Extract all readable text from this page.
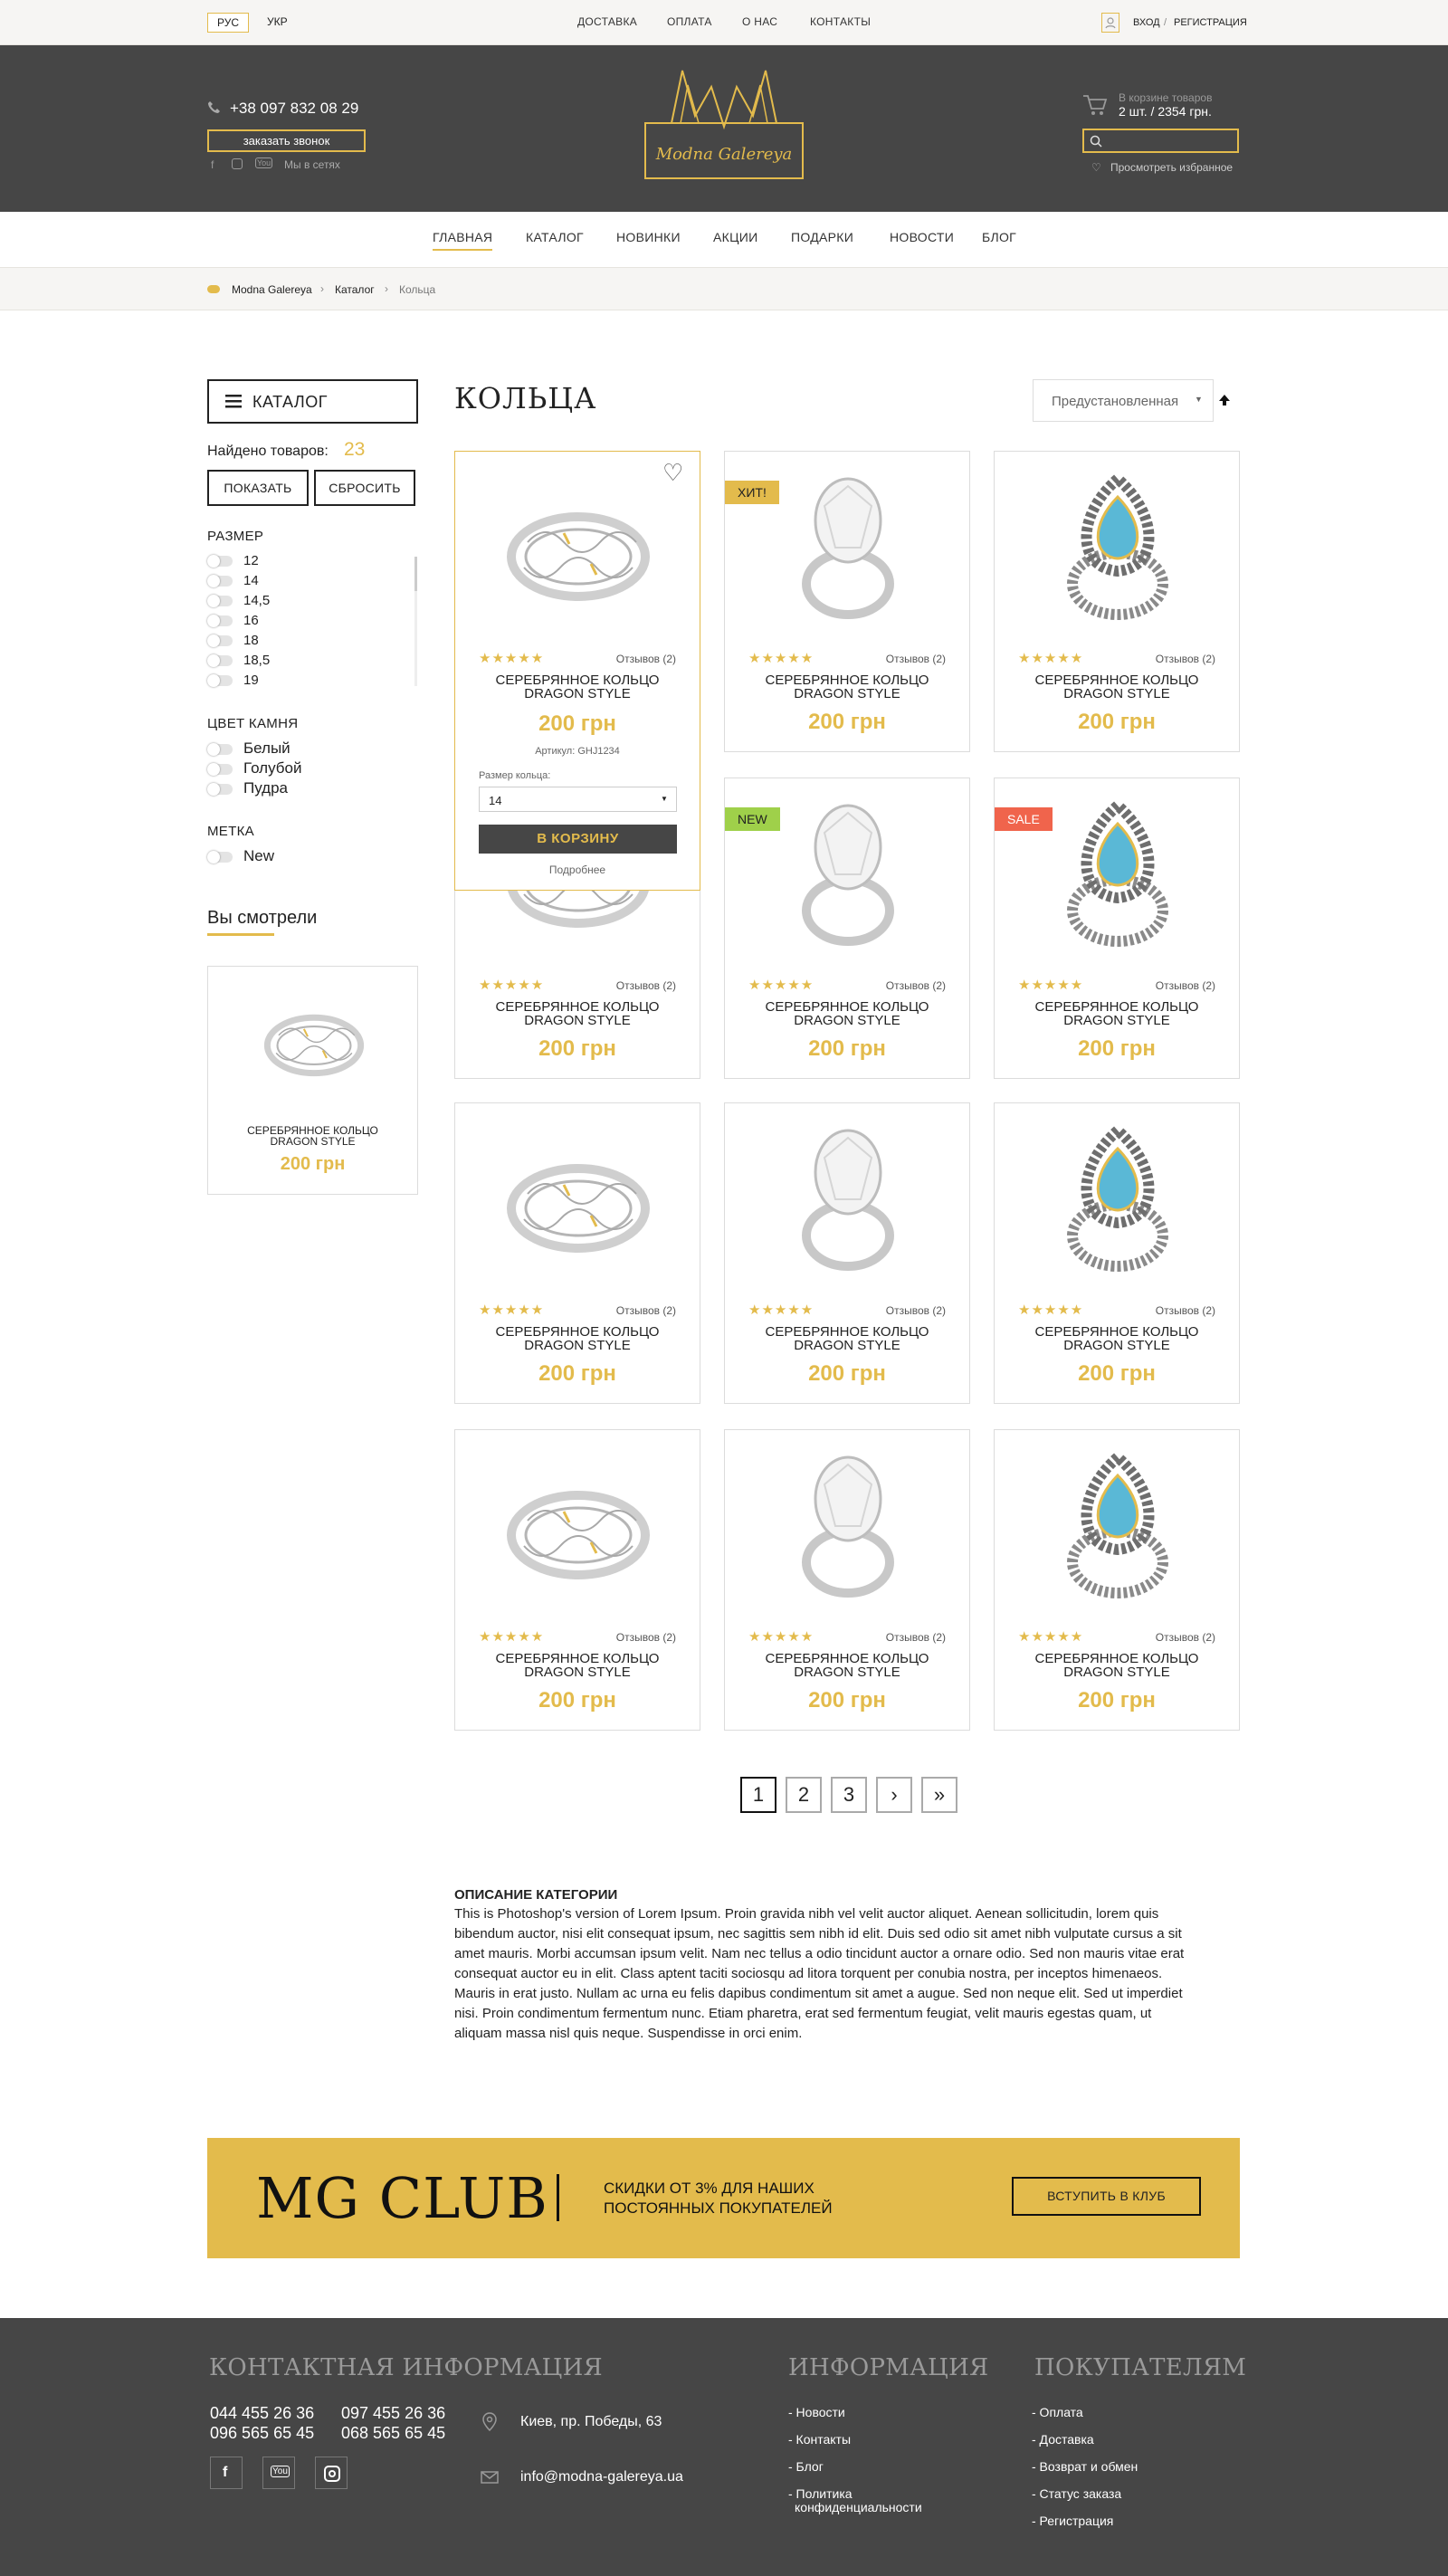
РУС	УКР	ДОСТАВКА	ОПЛАТА	О НАС	КОНТАКТЫ	ВХОД / РЕГИСТРАЦИЯ
+38 097 832 08 29
заказать звонок
f	You Мы в сетях
Modna Galereya
В корзине товаров
2 шт. / 2354 грн.
♡ Просмотреть избранное
ГЛАВНАЯ	КАТАЛОГ	НОВИНКИ	АКЦИИ	ПОДАРКИ	НОВОСТИ БЛОГ
Modna Galereya › Каталог › Кольца
КАТАЛОГ
Найдено товаров: 23
ПОКАЗАТЬ	СБРОСИТЬ
РАЗМЕР
12
14
14,5
16
18
18,5
19
ЦВЕТ КАМНЯ
Белый
Голубой
Пудра
МЕТКА
New
Вы смотрели
СЕРЕБРЯННОЕ КОЛЬЦО
DRAGON STYLE
200 грн
КОЛЬЦА	Предустановленная ▼
♡
★★★★★	Отзывов (2)
СЕРЕБРЯННОЕ КОЛЬЦО
DRAGON STYLE
200 грн
Артикул: GHJ1234
Размер кольца:
14	▼
В КОРЗИНУ
Подробнее
ХИТ!
★★★★★	Отзывов (2)
СЕРЕБРЯННОЕ КОЛЬЦО
DRAGON STYLE
200 грн
★★★★★	Отзывов (2)
СЕРЕБРЯННОЕ КОЛЬЦО
DRAGON STYLE
200 грн
★★★★★	Отзывов (2)
СЕРЕБРЯННОЕ КОЛЬЦО
DRAGON STYLE
200 грн
NEW
★★★★★	Отзывов (2)
СЕРЕБРЯННОЕ КОЛЬЦО
DRAGON STYLE
200 грн
SALE
★★★★★	Отзывов (2)
СЕРЕБРЯННОЕ КОЛЬЦО
DRAGON STYLE
200 грн
★★★★★	Отзывов (2)
СЕРЕБРЯННОЕ КОЛЬЦО
DRAGON STYLE
200 грн
★★★★★	Отзывов (2)
СЕРЕБРЯННОЕ КОЛЬЦО
DRAGON STYLE
200 грн
★★★★★	Отзывов (2)
СЕРЕБРЯННОЕ КОЛЬЦО
DRAGON STYLE
200 грн
★★★★★	Отзывов (2)
СЕРЕБРЯННОЕ КОЛЬЦО
DRAGON STYLE
200 грн
★★★★★	Отзывов (2)
СЕРЕБРЯННОЕ КОЛЬЦО
DRAGON STYLE
200 грн
★★★★★	Отзывов (2)
СЕРЕБРЯННОЕ КОЛЬЦО
DRAGON STYLE
200 грн
1	2	3	›	»
ОПИСАНИЕ КАТЕГОРИИ
This is Photoshop's version of Lorem Ipsum. Proin gravida nibh vel velit auctor aliquet. Aenean sollicitudin, lorem quis
bibendum auctor, nisi elit consequat ipsum, nec sagittis sem nibh id elit. Duis sed odio sit amet nibh vulputate cursus a sit
amet mauris. Morbi accumsan ipsum velit. Nam nec tellus a odio tincidunt auctor a ornare odio. Sed non mauris vitae erat
consequat auctor eu in elit. Class aptent taciti sociosqu ad litora torquent per conubia nostra, per inceptos himenaeos.
Mauris in erat justo. Nullam ac urna eu felis dapibus condimentum sit amet a augue. Sed non neque elit. Sed ut imperdiet
nisi. Proin condimentum fermentum nunc. Etiam pharetra, erat sed fermentum feugiat, velit mauris egestas quam, ut
aliquam massa nisl quis neque. Suspendisse in orci enim.
MG CLUB	СКИДКИ ОТ 3% ДЛЯ НАШИХ
ПОСТОЯННЫХ ПОКУПАТЕЛЕЙ
ВСТУПИТЬ В КЛУБ
КОНТАКТНАЯ ИНФОРМАЦИЯ
044 455 26 36 097 455 26 36
096 565 65 45 068 565 65 45
Киев, пр. Победы, 63
info@modna-galereya.ua
ИНФОРМАЦИЯ
- Новости
- Контакты
- Блог
- Политика
конфиденциальности
ПОКУПАТЕЛЯМ
- Оплата
- Доставка
- Возврат и обмен
- Статус заказа
- Регистрация
f	You
